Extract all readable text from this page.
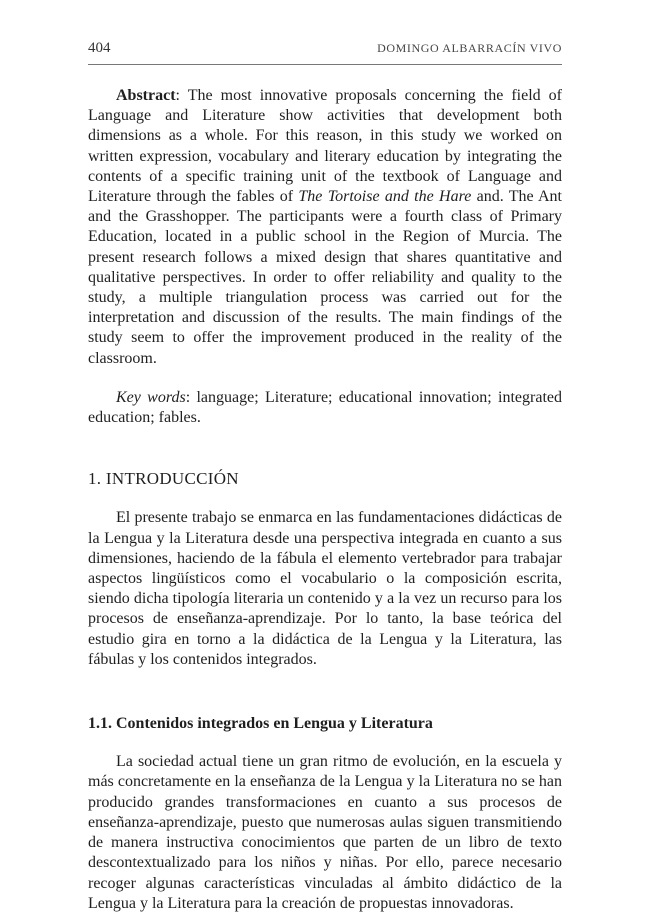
404	DOMINGO ALBARRACÍN VIVO

Abstract: The most innovative proposals concerning the field of Language and Literature show activities that development both dimensions as a whole. For this reason, in this study we worked on written expression, vocabulary and literary education by integrating the contents of a specific training unit of the textbook of Language and Literature through the fables of The Tortoise and the Hare and. The Ant and the Grasshopper. The participants were a fourth class of Primary Education, located in a public school in the Region of Murcia. The present research follows a mixed design that shares quantitative and qualitative perspectives. In order to offer reliability and quality to the study, a multiple triangulation process was carried out for the interpretation and discussion of the results. The main findings of the study seem to offer the improvement produced in the reality of the classroom.

Key words: language; Literature; educational innovation; integrated education; fables.

1. INTRODUCCIÓN

El presente trabajo se enmarca en las fundamentaciones didácticas de la Lengua y la Literatura desde una perspectiva integrada en cuanto a sus dimensiones, haciendo de la fábula el elemento vertebrador para trabajar aspectos lingüísticos como el vocabulario o la composición escrita, siendo dicha tipología literaria un contenido y a la vez un recurso para los procesos de enseñanza-aprendizaje. Por lo tanto, la base teórica del estudio gira en torno a la didáctica de la Lengua y la Literatura, las fábulas y los contenidos integrados.

1.1. Contenidos integrados en Lengua y Literatura

La sociedad actual tiene un gran ritmo de evolución, en la escuela y más concretamente en la enseñanza de la Lengua y la Literatura no se han producido grandes transformaciones en cuanto a sus procesos de enseñanza-aprendizaje, puesto que numerosas aulas siguen transmitiendo de manera instructiva conocimientos que parten de un libro de texto descontextualizado para los niños y niñas. Por ello, parece necesario recoger algunas características vinculadas al ámbito didáctico de la Lengua y la Literatura para la creación de propuestas innovadoras.
